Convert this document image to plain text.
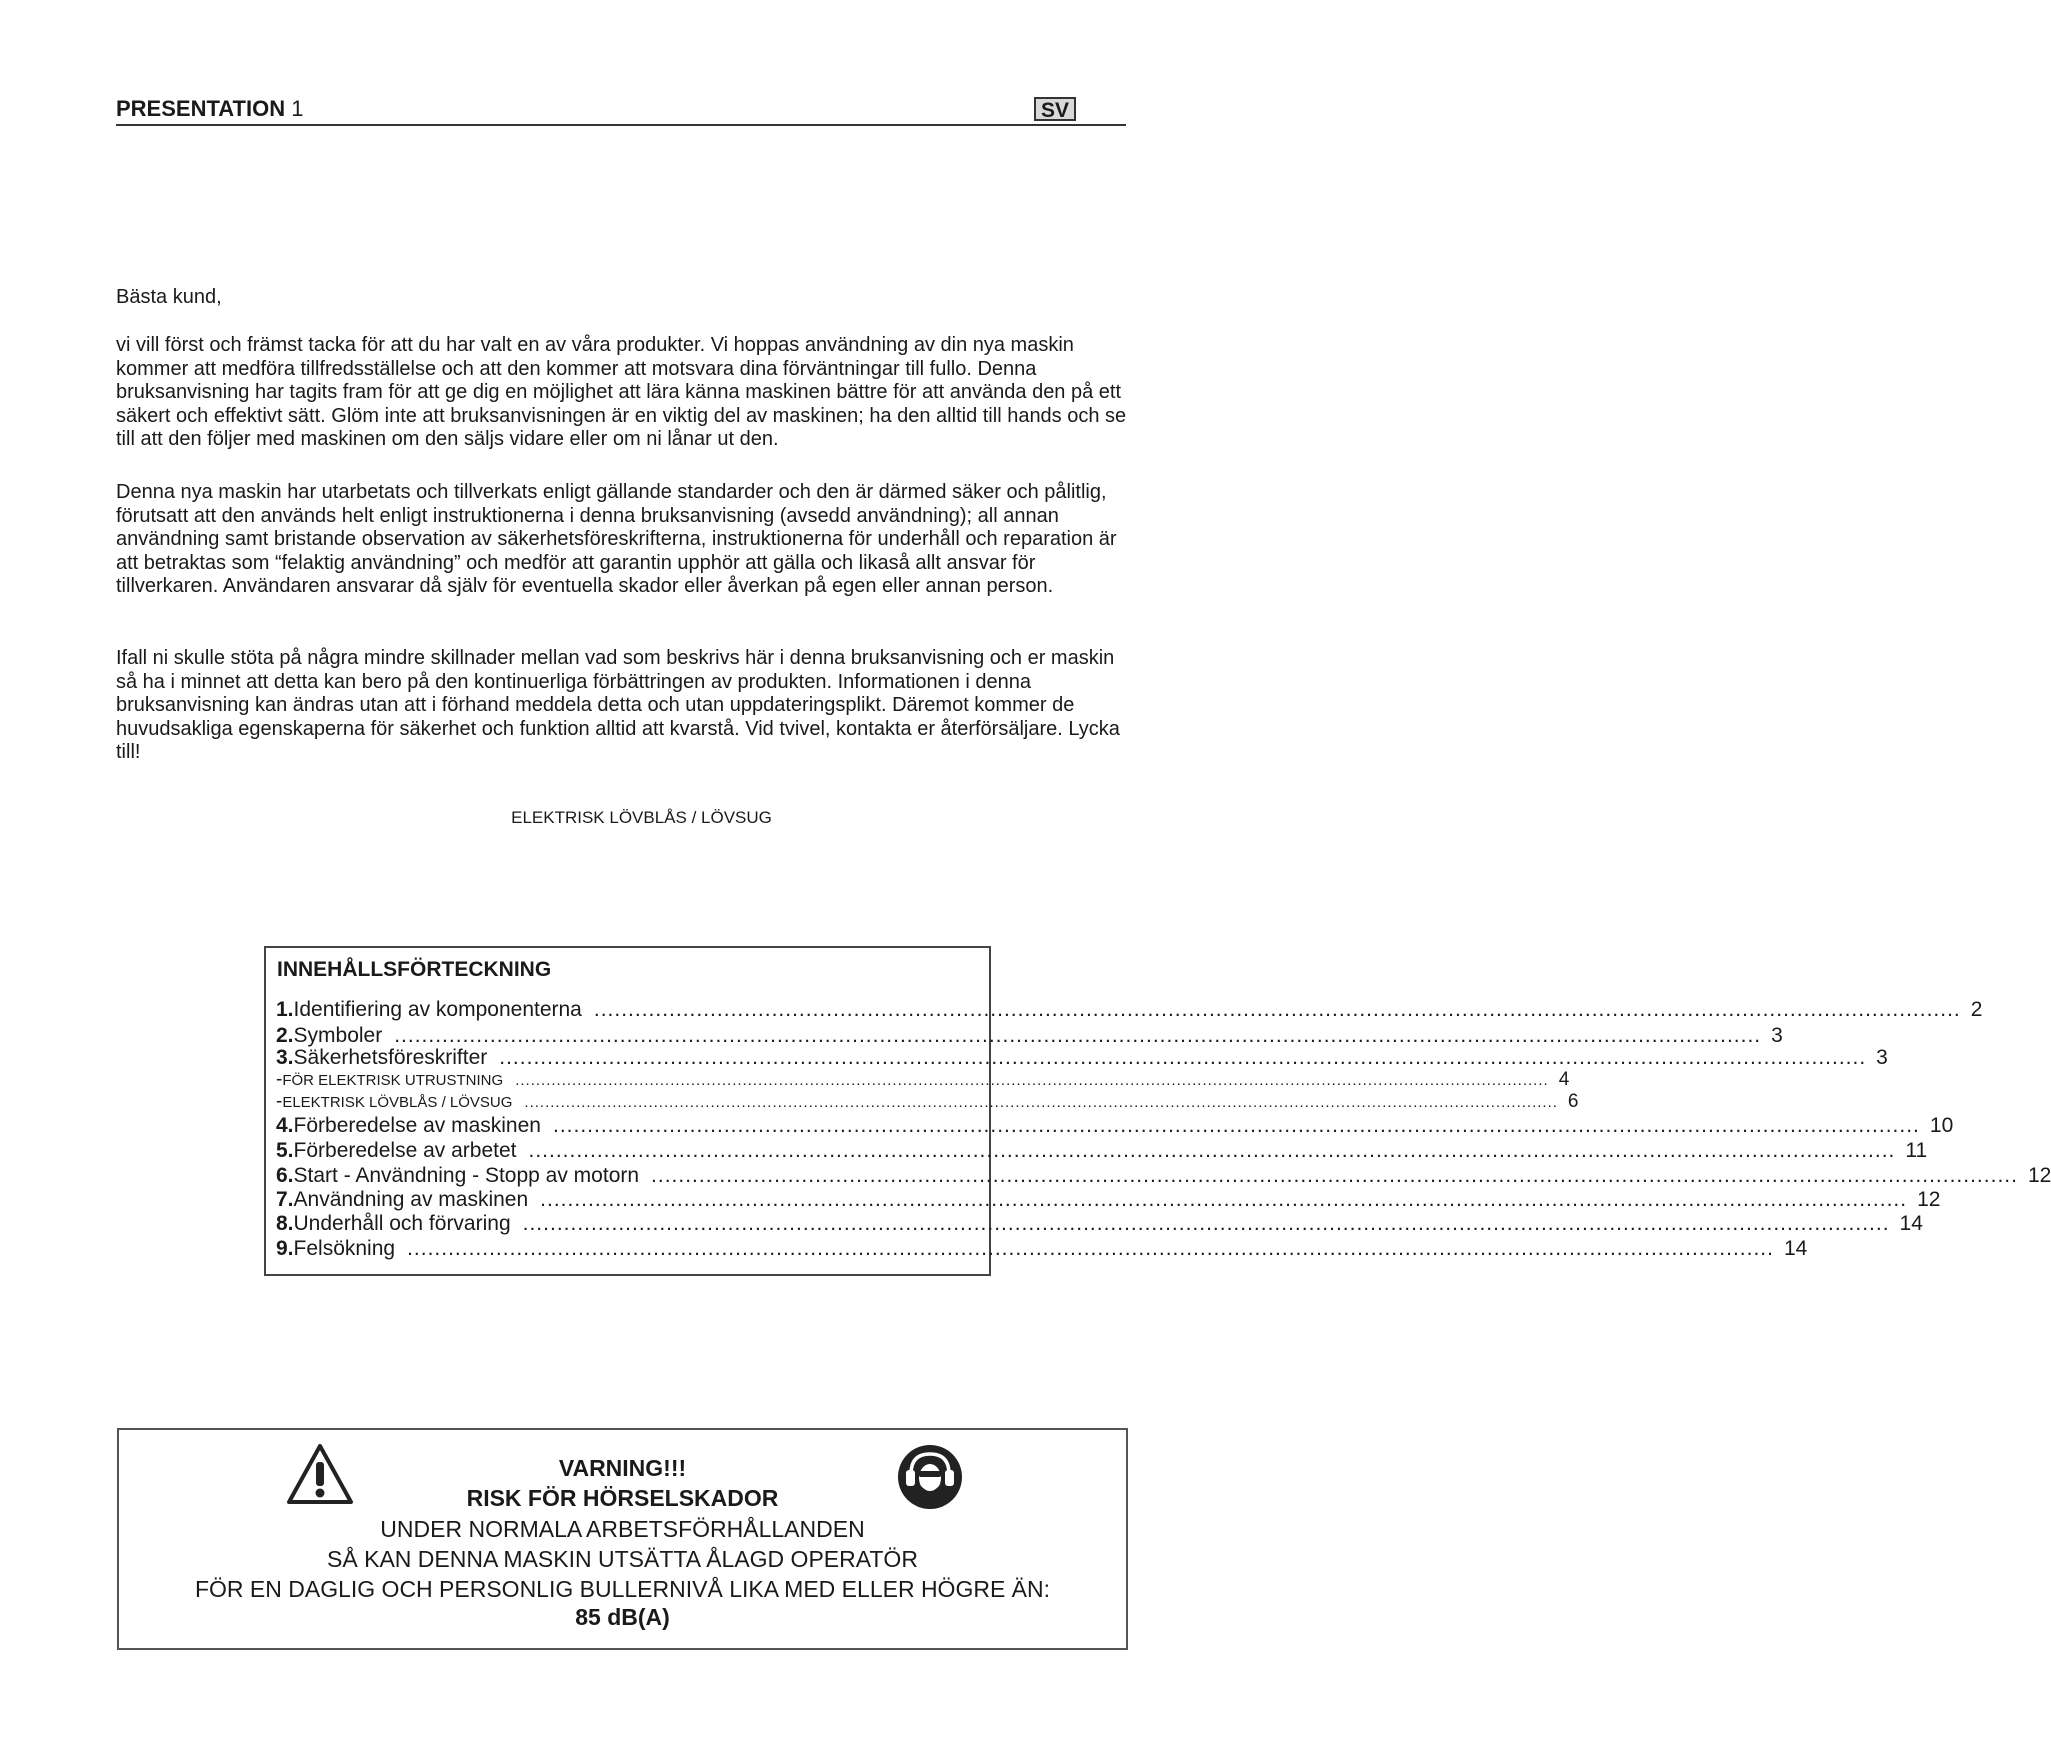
PRESENTATION 1	SV
Bästa kund,

vi vill först och främst tacka för att du har valt en av våra produkter. Vi hoppas användning av din nya maskin kommer att medföra tillfredsställelse och att den kommer att motsvara dina förväntningar till fullo. Denna bruksanvisning har tagits fram för att ge dig en möjlighet att lära känna maskinen bättre för att använda den på ett säkert och effektivt sätt. Glöm inte att bruksanvisningen är en viktig del av maskinen; ha den alltid till hands och se till att den följer med maskinen om den säljs vidare eller om ni lånar ut den.

Denna nya maskin har utarbetats och tillverkats enligt gällande standarder och den är därmed säker och pålitlig, förutsatt att den används helt enligt instruktionerna i denna bruksanvisning (avsedd användning); all annan användning samt bristande observation av säkerhetsföreskrifterna, instruktionerna för underhåll och reparation är att betraktas som “felaktig användning” och medför att garantin upphör att gälla och likaså allt ansvar för tillverkaren. Användaren ansvarar då själv för eventuella skador eller åverkan på egen eller annan person.

Ifall ni skulle stöta på några mindre skillnader mellan vad som beskrivs här i denna bruksanvisning och er maskin så ha i minnet att detta kan bero på den kontinuerliga förbättringen av produkten. Informationen i denna bruksanvisning kan ändras utan att i förhand meddela detta och utan uppdateringsplikt. Däremot kommer de huvudsakliga egenskaperna för säkerhet och funktion alltid att kvarstå. Vid tvivel, kontakta er återförsäljare. Lycka till!

ELEKTRISK LÖVBLÅS / LÖVSUG
INNEHÅLLSFÖRTECKNING
1. Identifiering av komponenterna ........................................................................................................................................................................................................ 2
2. Symboler ........................................................................................................................................................................................................ 3
3. Säkerhetsföreskrifter ........................................................................................................................................................................................................ 3
- FÖR ELEKTRISK UTRUSTNING ........................................................................................................................................................................................................ 4
- ELEKTRISK LÖVBLÅS / LÖVSUG ........................................................................................................................................................................................................ 6
4. Förberedelse av maskinen ........................................................................................................................................................................................................ 10
5. Förberedelse av arbetet ........................................................................................................................................................................................................ 11
6. Start - Användning - Stopp av motorn ........................................................................................................................................................................................................ 12
7. Användning av maskinen ........................................................................................................................................................................................................ 12
8. Underhåll och förvaring ........................................................................................................................................................................................................ 14
9. Felsökning ........................................................................................................................................................................................................ 14
VARNING!!!
RISK FÖR HÖRSELSKADOR
UNDER NORMALA ARBETSFÖRHÅLLANDEN
SÅ KAN DENNA MASKIN UTSÄTTA ÅLAGD OPERATÖR
FÖR EN DAGLIG OCH PERSONLIG BULLERNIVÅ LIKA MED ELLER HÖGRE ÄN:
85 dB(A)
